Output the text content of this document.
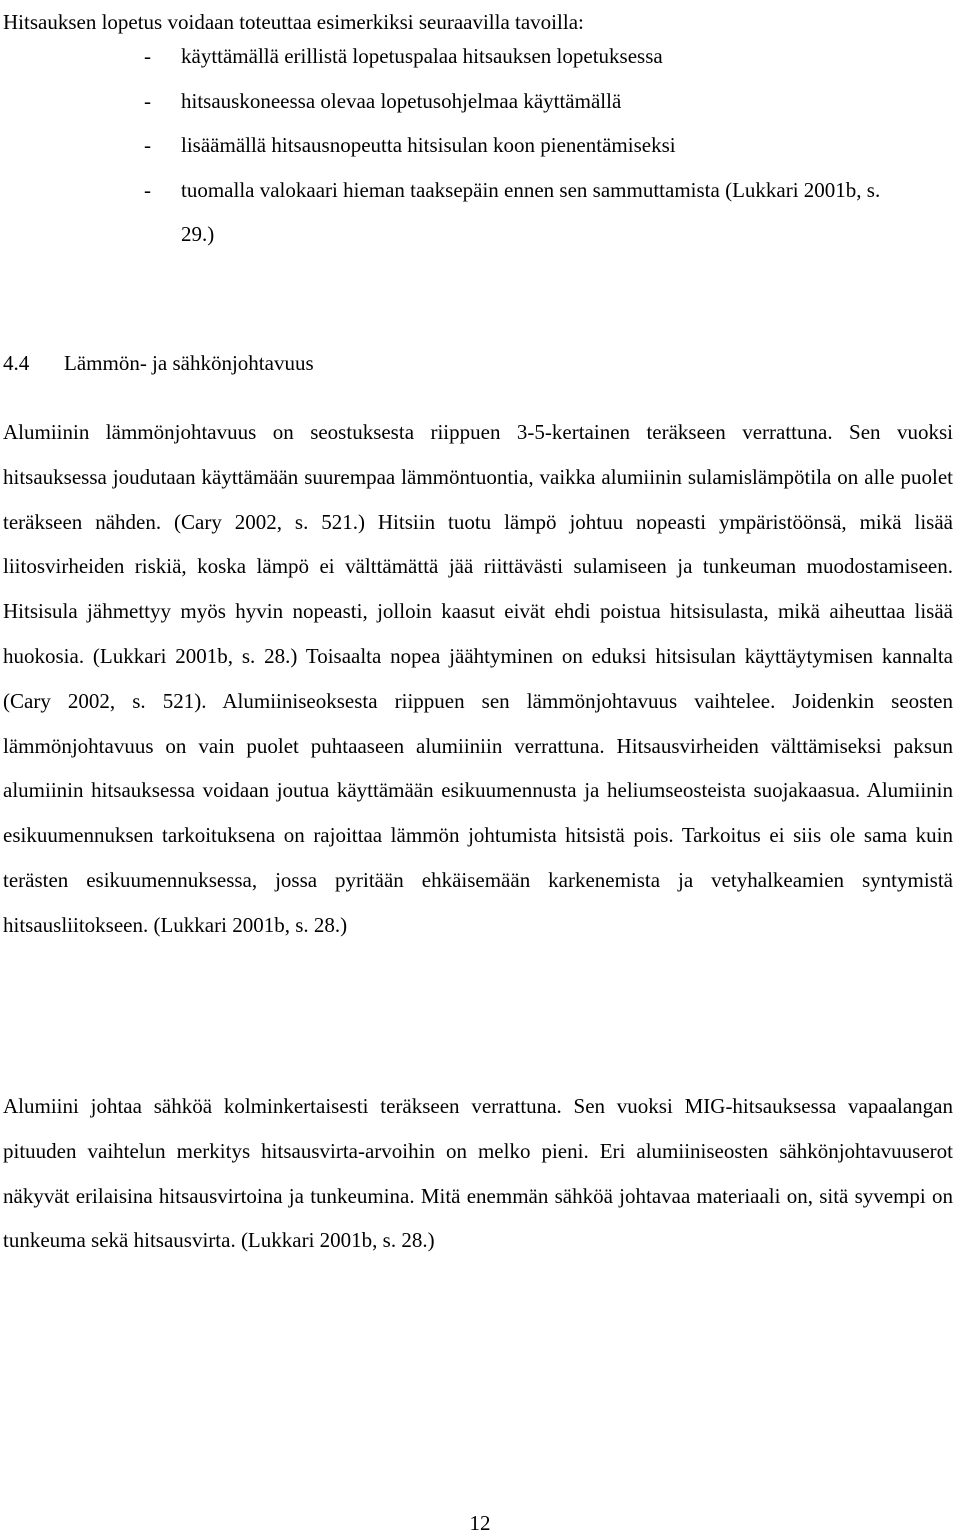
Hitsauksen lopetus voidaan toteuttaa esimerkiksi seuraavilla tavoilla:
- käyttämällä erillistä lopetuspalaa hitsauksen lopetuksessa
- hitsauskoneessa olevaa lopetusohjelmaa käyttämällä
- lisäämällä hitsausnopeutta hitsisulan koon pienentämiseksi
- tuomalla valokaari hieman taaksepäin ennen sen sammuttamista (Lukkari 2001b, s. 29.)
4.4 Lämmön- ja sähkönjohtavuus

Alumiinin lämmönjohtavuus on seostuksesta riippuen 3-5-kertainen teräkseen verrattuna. Sen vuoksi hitsauksessa joudutaan käyttämään suurempaa lämmöntuontia, vaikka alumiinin sulamislämpötila on alle puolet teräkseen nähden. (Cary 2002, s. 521.) Hitsiin tuotu lämpö johtuu nopeasti ympäristöönsä, mikä lisää liitosvirheiden riskiä, koska lämpö ei välttämättä jää riittävästi sulamiseen ja tunkeuman muodostamiseen. Hitsisula jähmettyy myös hyvin nopeasti, jolloin kaasut eivät ehdi poistua hitsisulasta, mikä aiheuttaa lisää huokosia. (Lukkari 2001b, s. 28.) Toisaalta nopea jäähtyminen on eduksi hitsisulan käyttäytymisen kannalta (Cary 2002, s. 521). Alumiiniseoksesta riippuen sen lämmönjohtavuus vaihtelee. Joidenkin seosten lämmönjohtavuus on vain puolet puhtaaseen alumiiniin verrattuna. Hitsausvirheiden välttämiseksi paksun alumiinin hitsauksessa voidaan joutua käyttämään esikuumennusta ja heliumseosteista suojakaasua. Alumiinin esikuumennuksen tarkoituksena on rajoittaa lämmön johtumista hitsistä pois. Tarkoitus ei siis ole sama kuin terästen esikuumennuksessa, jossa pyritään ehkäisemään karkenemista ja vetyhalkeamien syntymistä hitsausliitokseen. (Lukkari 2001b, s. 28.)

Alumiini johtaa sähköä kolminkertaisesti teräkseen verrattuna. Sen vuoksi MIG-hitsauksessa vapaalangan pituuden vaihtelun merkitys hitsausvirta-arvoihin on melko pieni. Eri alumiiniseosten sähkönjohtavuuserot näkyvät erilaisina hitsausvirtoina ja tunkeumina. Mitä enemmän sähköä johtavaa materiaali on, sitä syvempi on tunkeuma sekä hitsausvirta. (Lukkari 2001b, s. 28.)

12
